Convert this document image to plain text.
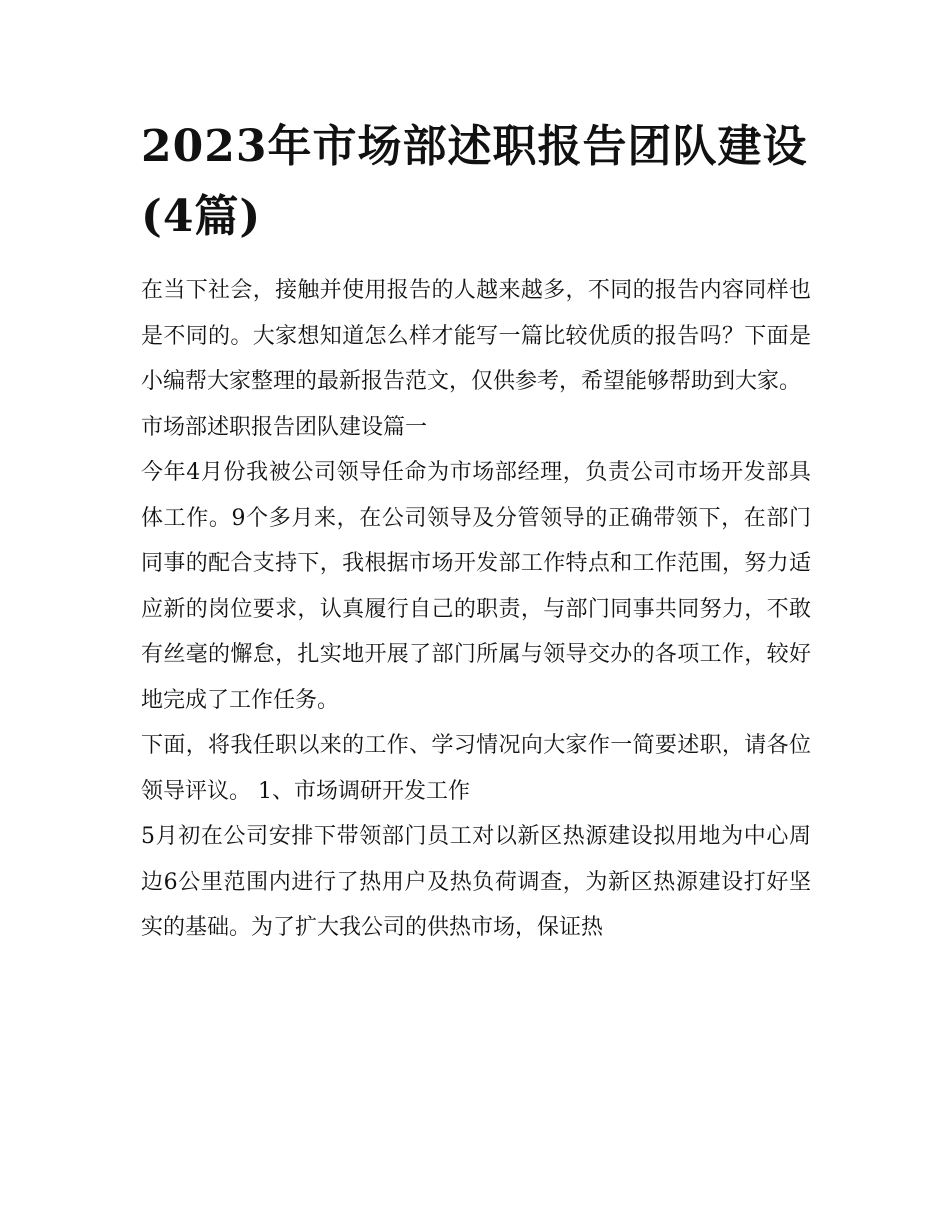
2023年市场部述职报告团队建设(4篇)

在当下社会，接触并使用报告的人越来越多，不同的报告内容同样也是不同的。大家想知道怎么样才能写一篇比较优质的报告吗？下面是小编帮大家整理的最新报告范文，仅供参考，希望能够帮助到大家。

市场部述职报告团队建设篇一

今年4月份我被公司领导任命为市场部经理，负责公司市场开发部具体工作。9个多月来，在公司领导及分管领导的正确带领下，在部门同事的配合支持下，我根据市场开发部工作特点和工作范围，努力适应新的岗位要求，认真履行自己的职责，与部门同事共同努力，不敢有丝毫的懈怠，扎实地开展了部门所属与领导交办的各项工作，较好地完成了工作任务。

下面，将我任职以来的工作、学习情况向大家作一简要述职，请各位领导评议。 1、市场调研开发工作

5月初在公司安排下带领部门员工对以新区热源建设拟用地为中心周边6公里范围内进行了热用户及热负荷调查，为新区热源建设打好坚实的基础。为了扩大我公司的供热市场，保证热
